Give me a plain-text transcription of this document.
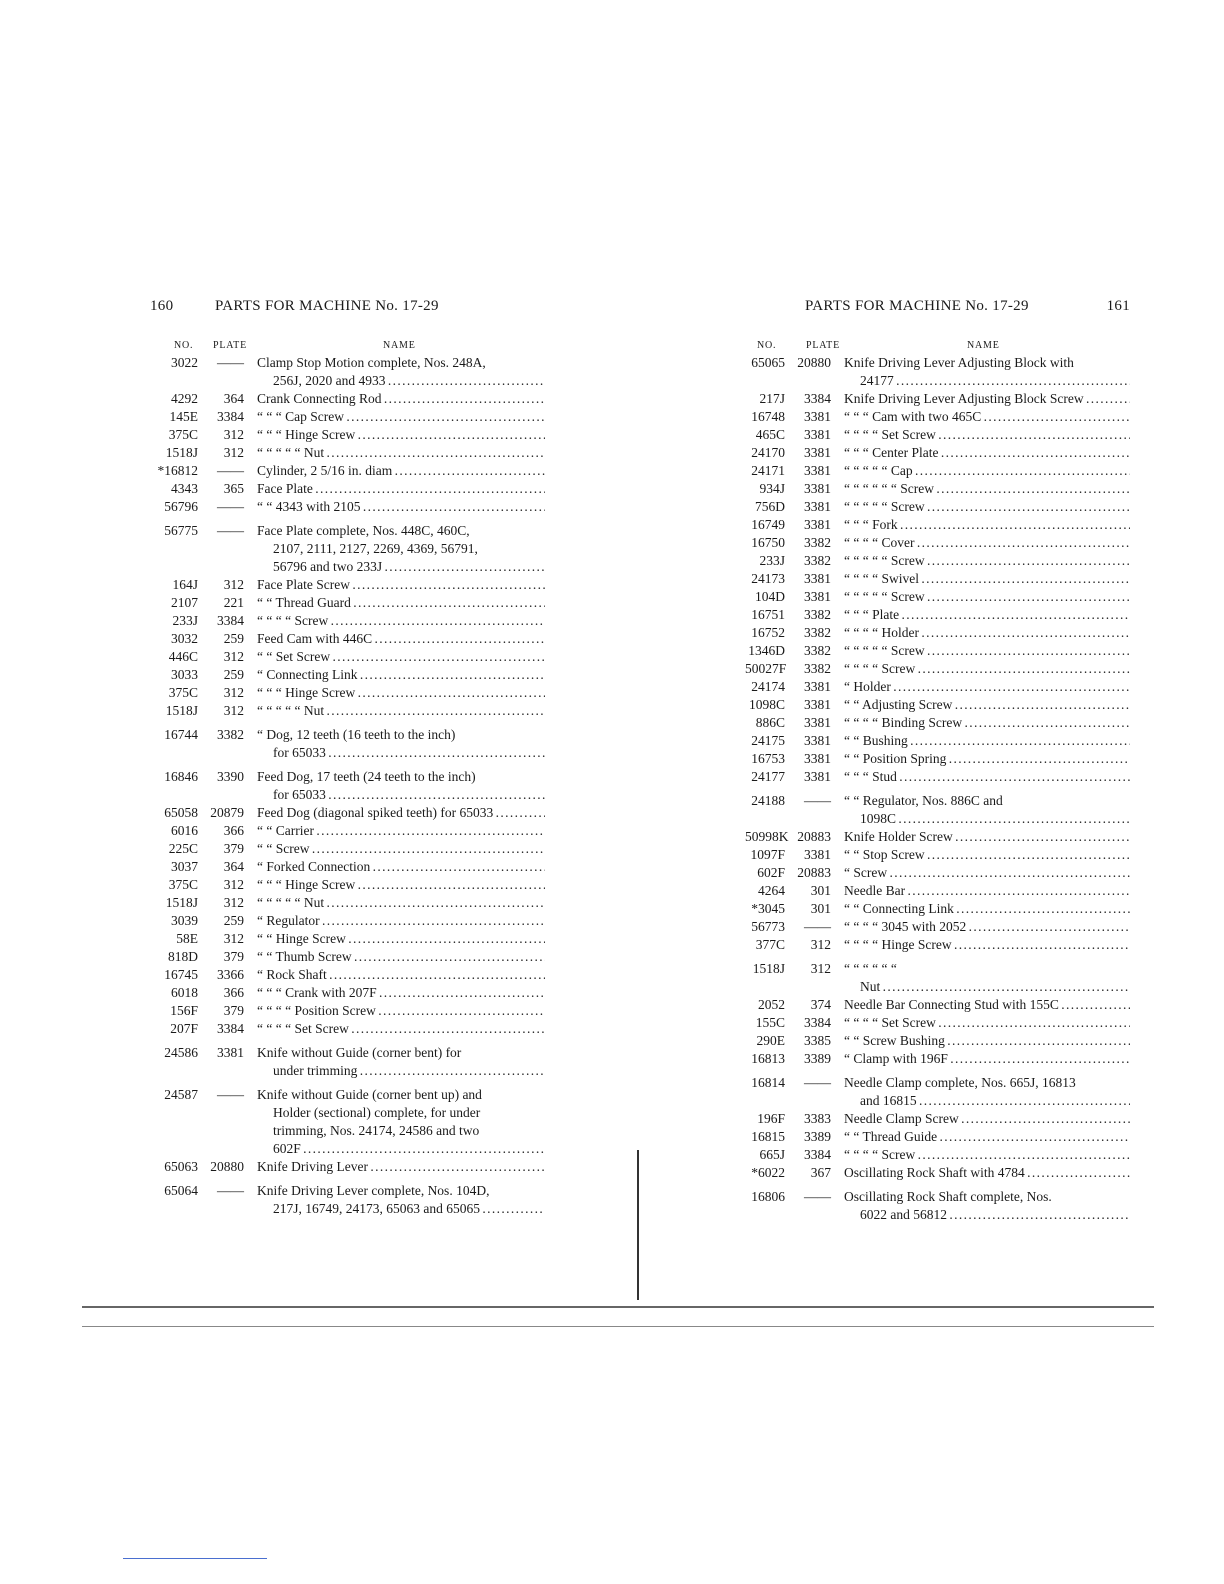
160	PARTS FOR MACHINE No. 17-29
NO. PLATE	NAME
3022	—— Clamp Stop Motion complete, Nos. 248A,
256J, 2020 and 4933 . . .
4292	364 Crank Connecting Rod . . .
145E	3384 “ “ “ Cap Screw . . .
375C	312 “ “ “ Hinge Screw . . .
1518J	312 “ “ “ “ “ Nut . . .
*16812	—— Cylinder, 2 5/16 in. diam . . .
4343	365 Face Plate . . .
56796	—— “ “ 4343 with 2105 . . .
56775	—— Face Plate complete, Nos. 448C, 460C,
2107, 2111, 2127, 2269, 4369, 56791,
56796 and two 233J . . .
164J	312 Face Plate Screw . . .
2107	221 “ “ Thread Guard . . .
233J	3384 “ “ “ “ Screw . . .
3032	259 Feed Cam with 446C . . .
446C	312 “ “ Set Screw . . .
3033	259 “ Connecting Link . . .
375C	312 “ “ “ Hinge Screw . . .
1518J	312 “ “ “ “ “ Nut . . .
16744	3382 “ Dog, 12 teeth (16 teeth to the inch)
for 65033 . . .
16846	3390 Feed Dog, 17 teeth (24 teeth to the inch)
for 65033 . . .
65058 20879 Feed Dog (diagonal spiked teeth) for 65033 . . .
6016	366 “ “ Carrier . . .
225C	379 “ “ Screw . . .
3037	364 “ Forked Connection . . .
375C	312 “ “ “ Hinge Screw . . .
1518J	312 “ “ “ “ “ Nut . . .
3039	259 “ Regulator . . .
58E	312 “ “ Hinge Screw . . .
818D	379 “ “ Thumb Screw . . .
16745	3366 “ Rock Shaft . . .
6018	366 “ “ “ Crank with 207F . . .
156F	379 “ “ “ “ Position Screw . . .
207F	3384 “ “ “ “ Set Screw . . .
24586	3381 Knife without Guide (corner bent) for
under trimming . . .
24587	—— Knife without Guide (corner bent up) and
Holder (sectional) complete, for under
trimming, Nos. 24174, 24586 and two
602F . . .
65063 20880 Knife Driving Lever . . .
65064	—— Knife Driving Lever complete, Nos. 104D,
217J, 16749, 24173, 65063 and 65065 . . .
PARTS FOR MACHINE No. 17-29	161
NO.	PLATE	NAME
65065 20880 Knife Driving Lever Adjusting Block with
24177 . . .
217J	3384 Knife Driving Lever Adjusting Block Screw . . .
16748	3381 “ “ “ Cam with two 465C . . .
465C	3381 “ “ “ “ Set Screw . . .
24170	3381 “ “ “ Center Plate . . .
24171	3381 “ “ “ “ “ Cap . . .
934J	3381 “ “ “ “ “ “ Screw . . .
756D	3381 “ “ “ “ “ Screw . . .
16749	3381 “ “ “ Fork . . .
16750	3382 “ “ “ “ Cover . . .
233J	3382 “ “ “ “ “ Screw . . .
24173	3381 “ “ “ “ Swivel . . .
104D	3381 “ “ “ “ “ Screw . . .
16751	3382 “ “ “ Plate . . .
16752	3382 “ “ “ “ Holder . . .
1346D	3382 “ “ “ “ “ Screw . . .
50027F	3382 “ “ “ “ Screw . . .
24174	3381 “ Holder . . .
1098C	3381 “ “ Adjusting Screw . . .
886C	3381 “ “ “ “ Binding Screw . . .
24175	3381 “ “ Bushing . . .
16753	3381 “ “ Position Spring . . .
24177	3381 “ “ “ Stud . . .
24188	—— “ “ Regulator, Nos. 886C and
1098C . . .
50998K 20883 Knife Holder Screw . . .
1097F	3381 “ “ Stop Screw . . .
602F 20883 “ Screw . . .
4264	301 Needle Bar . . .
*3045	301 “ “ Connecting Link . . .
56773	—— “ “ “ “ 3045 with 2052 . . .
377C	312 “ “ “ “ Hinge Screw . . .
1518J	312 “ “ “ “ “ “
Nut . . .
2052	374 Needle Bar Connecting Stud with 155C . . .
155C	3384 “ “ “ “ Set Screw . . .
290E	3385 “ “ Screw Bushing . . .
16813	3389 “ Clamp with 196F . . .
16814	—— Needle Clamp complete, Nos. 665J, 16813
and 16815 . . .
196F	3383 Needle Clamp Screw . . .
16815	3389 “ “ Thread Guide . . .
665J	3384 “ “ “ “ Screw . . .
*6022	367 Oscillating Rock Shaft with 4784 . . .
16806	—— Oscillating Rock Shaft complete, Nos.
6022 and 56812 . . .
